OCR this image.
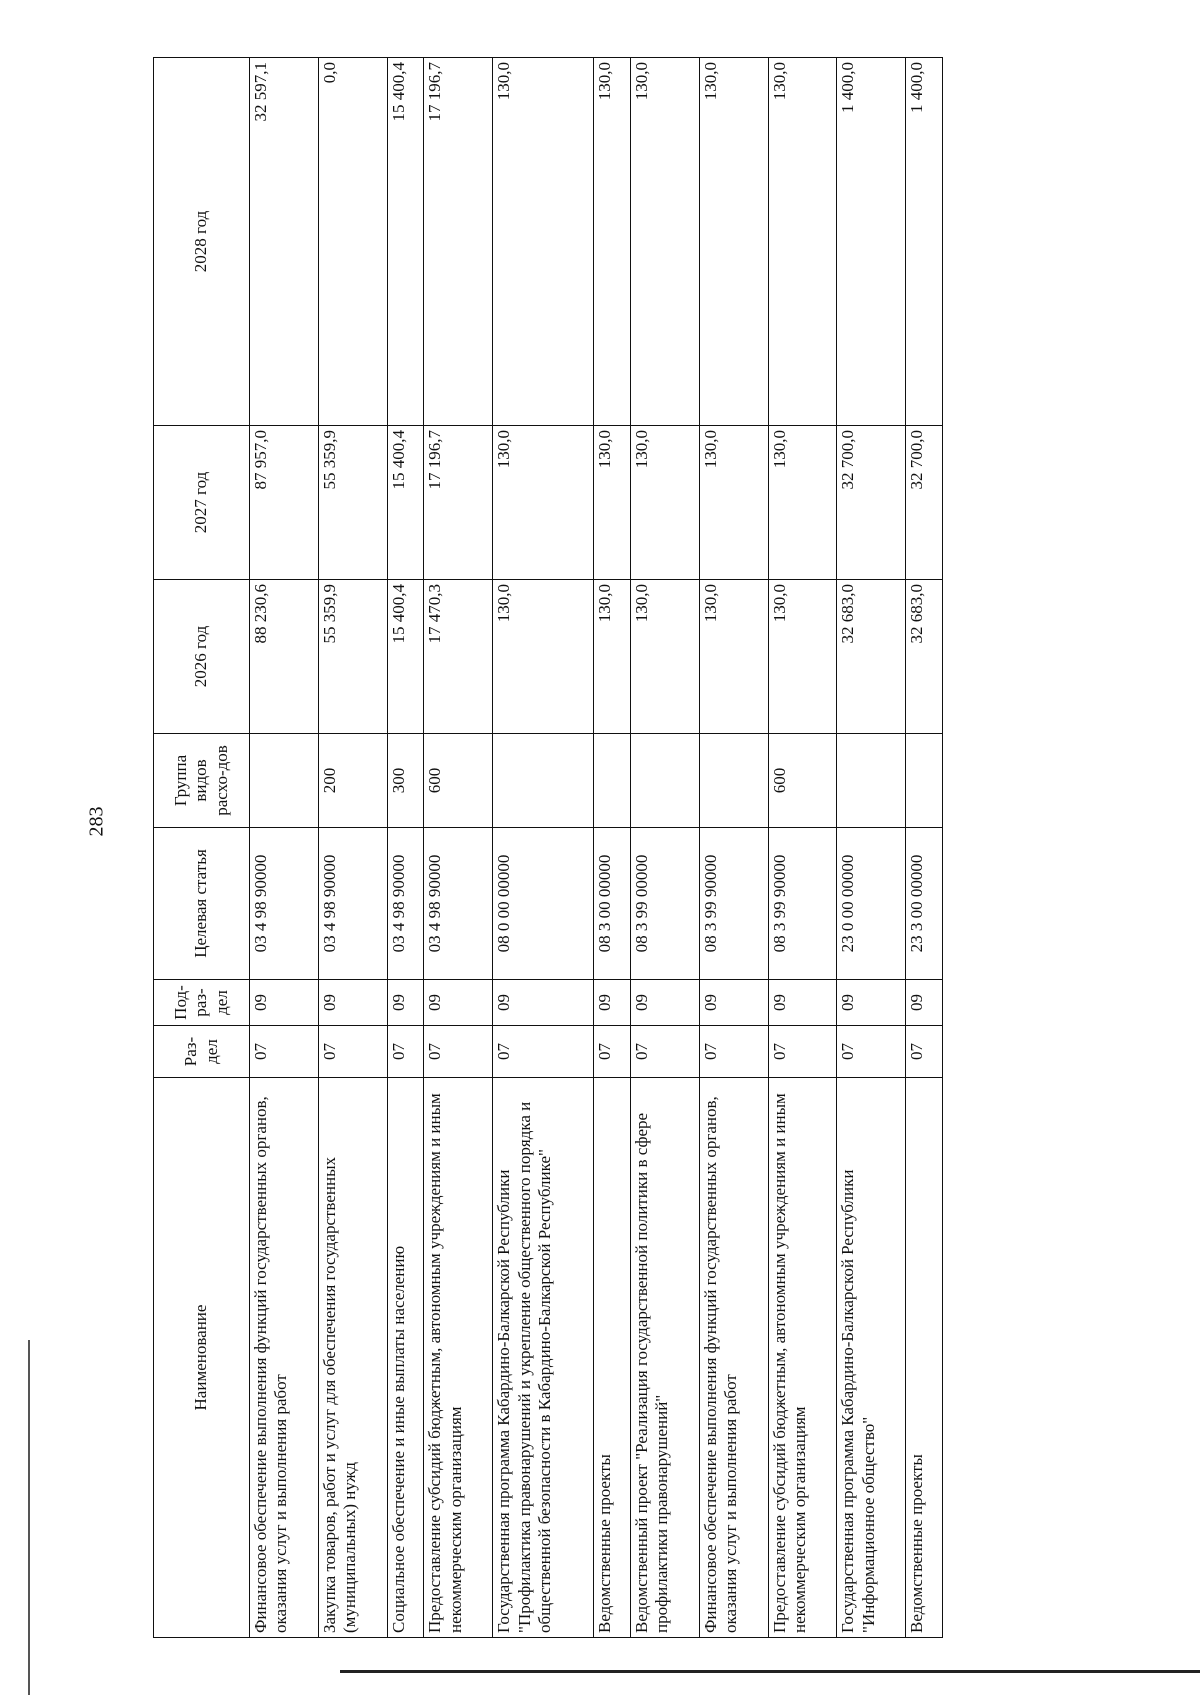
283
Наименование	Раз-дел	Под-раз-дел	Целевая статья	Группа видов расхо-дов	2026 год	2027 год	2028 год
Финансовое обеспечение выполнения функций государственных органов, оказания услуг и выполнения работ	07	09	03 4 98 90000		88 230,6	87 957,0	32 597,1
Закупка товаров, работ и услуг для обеспечения государственных (муниципальных) нужд	07	09	03 4 98 90000	200	55 359,9	55 359,9	0,0
Социальное обеспечение и иные выплаты населению	07	09	03 4 98 90000	300	15 400,4	15 400,4	15 400,4
Предоставление субсидий бюджетным, автономным учреждениям и иным некоммерческим организациям	07	09	03 4 98 90000	600	17 470,3	17 196,7	17 196,7
Государственная программа Кабардино-Балкарской Республики "Профилактика правонарушений и укрепление общественного порядка и общественной безопасности в Кабардино-Балкарской Республике"	07	09	08 0 00 00000		130,0	130,0	130,0
Ведомственные проекты	07	09	08 3 00 00000		130,0	130,0	130,0
Ведомственный проект "Реализация государственной политики в сфере профилактики правонарушений"	07	09	08 3 99 00000		130,0	130,0	130,0
Финансовое обеспечение выполнения функций государственных органов, оказания услуг и выполнения работ	07	09	08 3 99 90000		130,0	130,0	130,0
Предоставление субсидий бюджетным, автономным учреждениям и иным некоммерческим организациям	07	09	08 3 99 90000	600	130,0	130,0	130,0
Государственная программа Кабардино-Балкарской Республики "Информационное общество"	07	09	23 0 00 00000		32 683,0	32 700,0	1 400,0
Ведомственные проекты	07	09	23 3 00 00000		32 683,0	32 700,0	1 400,0
